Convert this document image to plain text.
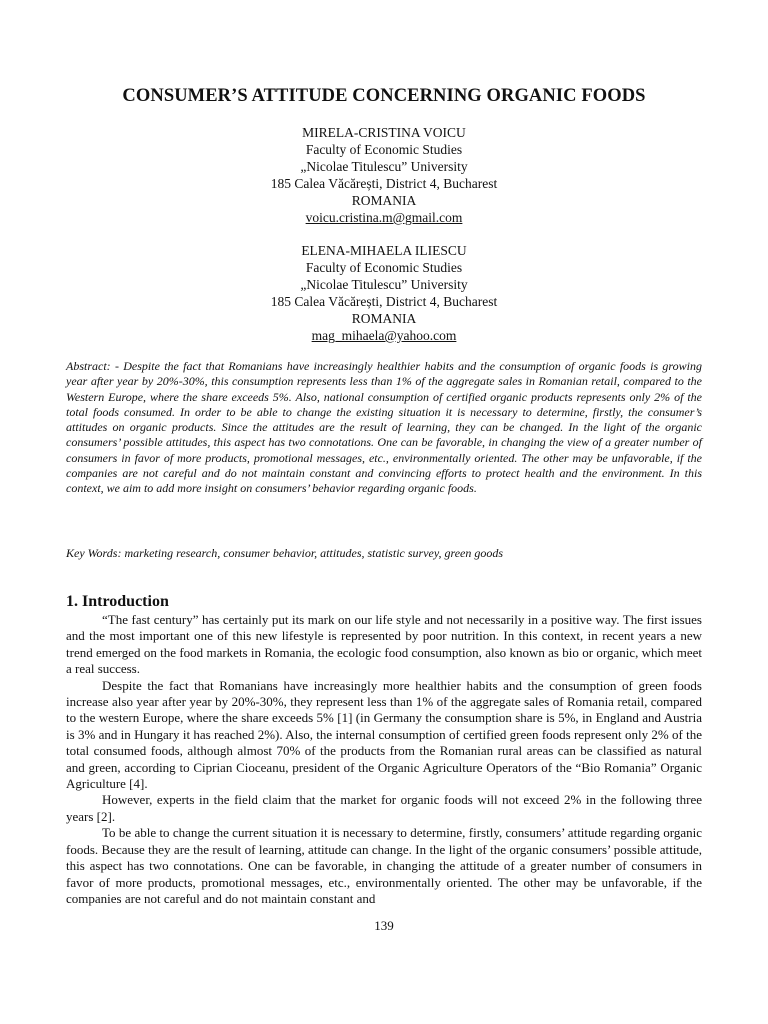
CONSUMER’S ATTITUDE CONCERNING ORGANIC FOODS
MIRELA-CRISTINA VOICU
Faculty of Economic Studies
„Nicolae Titulescu” University
185 Calea Văcărești, District 4, Bucharest
ROMANIA
voicu.cristina.m@gmail.com
ELENA-MIHAELA ILIESCU
Faculty of Economic Studies
„Nicolae Titulescu” University
185 Calea Văcărești, District 4, Bucharest
ROMANIA
mag_mihaela@yahoo.com
Abstract: - Despite the fact that Romanians have increasingly healthier habits and the consumption of organic foods is growing year after year by 20%-30%, this consumption represents less than 1% of the aggregate sales in Romanian retail, compared to the Western Europe, where the share exceeds 5%. Also, national consumption of certified organic products represents only 2% of the total foods consumed. In order to be able to change the existing situation it is necessary to determine, firstly, the consumer’s attitudes on organic products. Since the attitudes are the result of learning, they can be changed. In the light of the organic consumers’ possible attitudes, this aspect has two connotations. One can be favorable, in changing the view of a greater number of consumers in favor of more products, promotional messages, etc., environmentally oriented. The other may be unfavorable, if the companies are not careful and do not maintain constant and convincing efforts to protect health and the environment. In this context, we aim to add more insight on consumers’ behavior regarding organic foods.
Key Words: marketing research, consumer behavior, attitudes, statistic survey, green goods
1. Introduction

“The fast century” has certainly put its mark on our life style and not necessarily in a positive way. The first issues and the most important one of this new lifestyle is represented by poor nutrition. In this context, in recent years a new trend emerged on the food markets in Romania, the ecologic food consumption, also known as bio or organic, which meet a real success.

Despite the fact that Romanians have increasingly more healthier habits and the consumption of green foods increase also year after year by 20%-30%, they represent less than 1% of the aggregate sales of Romania retail, compared to the western Europe, where the share exceeds 5% [1] (in Germany the consumption share is 5%, in England and Austria is 3% and in Hungary it has reached 2%). Also, the internal consumption of certified green foods represent only 2% of the total consumed foods, although almost 70% of the products from the Romanian rural areas can be classified as natural and green, according to Ciprian Cioceanu, president of the Organic Agriculture Operators of the “Bio Romania” Organic Agriculture [4].

However, experts in the field claim that the market for organic foods will not exceed 2% in the following three years [2].

To be able to change the current situation it is necessary to determine, firstly, consumers’ attitude regarding organic foods. Because they are the result of learning, attitude can change. In the light of the organic consumers’ possible attitude, this aspect has two connotations. One can be favorable, in changing the attitude of a greater number of consumers in favor of more products, promotional messages, etc., environmentally oriented. The other may be unfavorable, if the companies are not careful and do not maintain constant and

139
